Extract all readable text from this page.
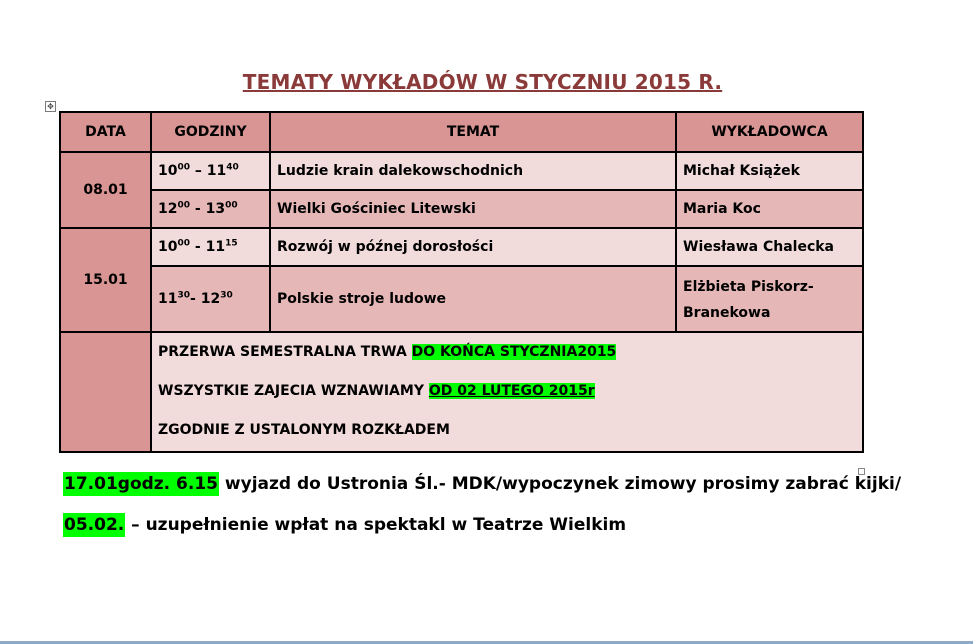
TEMATY WYKŁADÓW W STYCZNIU 2015 R.
✥
DATA	GODZINY	TEMAT	WYKŁADOWCA
08.01	$10^{00} - 11^{40}$	Ludzie krain dalekowschodnich	Michał Książek
	$12^{00} - 13^{00}$	Wielki Gościniec Litewski	Maria Koc
15.01	$10^{00} - 11^{15}$	Rozwój w późnej dorosłości	Wiesława Chalecka
	$11^{30}-$ $12^{30}$	Polskie stroje ludowe	Elżbieta Piskorz-
Branekowa

	PRZERWA SEMESTRALNA TRWA DO KOŃCA STYCZNIA2015
WSZYSTKIE ZAJECIA WZNAWIAMY OD 02 LUTEGO 2015r
ZGODNIE Z USTALONYM ROZKŁADEM		
17.01godz. 6.15 wyjazd do Ustronia Śl.- MDK/wypoczynek zimowy prosimy zabrać kijki/
05.02. – uzupełnienie wpłat na spektakl w Teatrze Wielkim
